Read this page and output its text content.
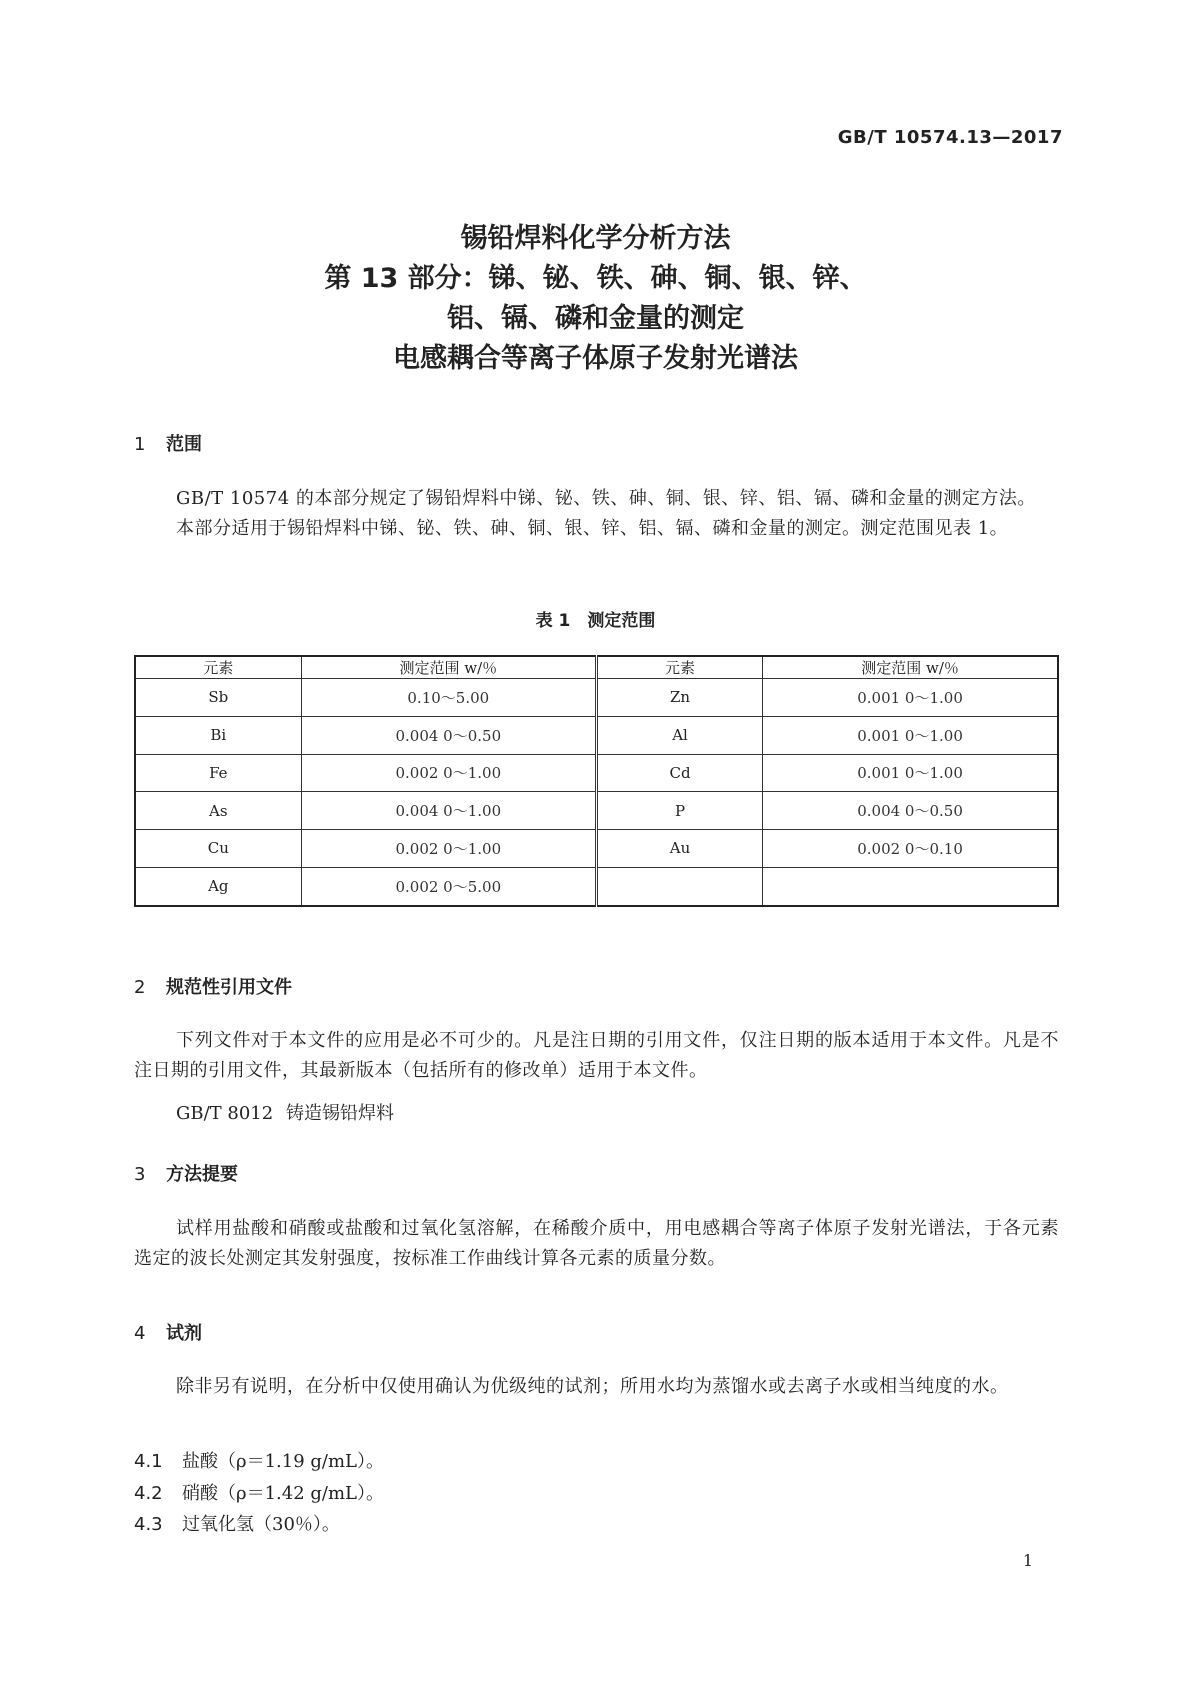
GB/T 10574.13—2017
锡铅焊料化学分析方法
第 13 部分：锑、铋、铁、砷、铜、银、锌、
铝、镉、磷和金量的测定
电感耦合等离子体原子发射光谱法
1 范围
GB/T 10574 的本部分规定了锡铅焊料中锑、铋、铁、砷、铜、银、锌、铝、镉、磷和金量的测定方法。
本部分适用于锡铅焊料中锑、铋、铁、砷、铜、银、锌、铝、镉、磷和金量的测定。测定范围见表 1。
表 1　测定范围
元素	测定范围 w/％	元素	测定范围 w/％
Sb	0.10～5.00	Zn	0.001 0～1.00
Bi	0.004 0～0.50	Al	0.001 0～1.00
Fe	0.002 0～1.00	Cd	0.001 0～1.00
As	0.004 0～1.00	P	0.004 0～0.50
Cu	0.002 0～1.00	Au	0.002 0～0.10
Ag	0.002 0～5.00		
2 规范性引用文件
下列文件对于本文件的应用是必不可少的。凡是注日期的引用文件，仅注日期的版本适用于本文件。凡是不注日期的引用文件，其最新版本（包括所有的修改单）适用于本文件。
GB/T 8012 铸造锡铅焊料
3 方法提要
试样用盐酸和硝酸或盐酸和过氧化氢溶解，在稀酸介质中，用电感耦合等离子体原子发射光谱法，于各元素选定的波长处测定其发射强度，按标准工作曲线计算各元素的质量分数。
4 试剂
除非另有说明，在分析中仅使用确认为优级纯的试剂；所用水均为蒸馏水或去离子水或相当纯度的水。
4.1 盐酸（ρ＝1.19 g/mL）。
4.2 硝酸（ρ＝1.42 g/mL）。
4.3 过氧化氢（30％）。
1
